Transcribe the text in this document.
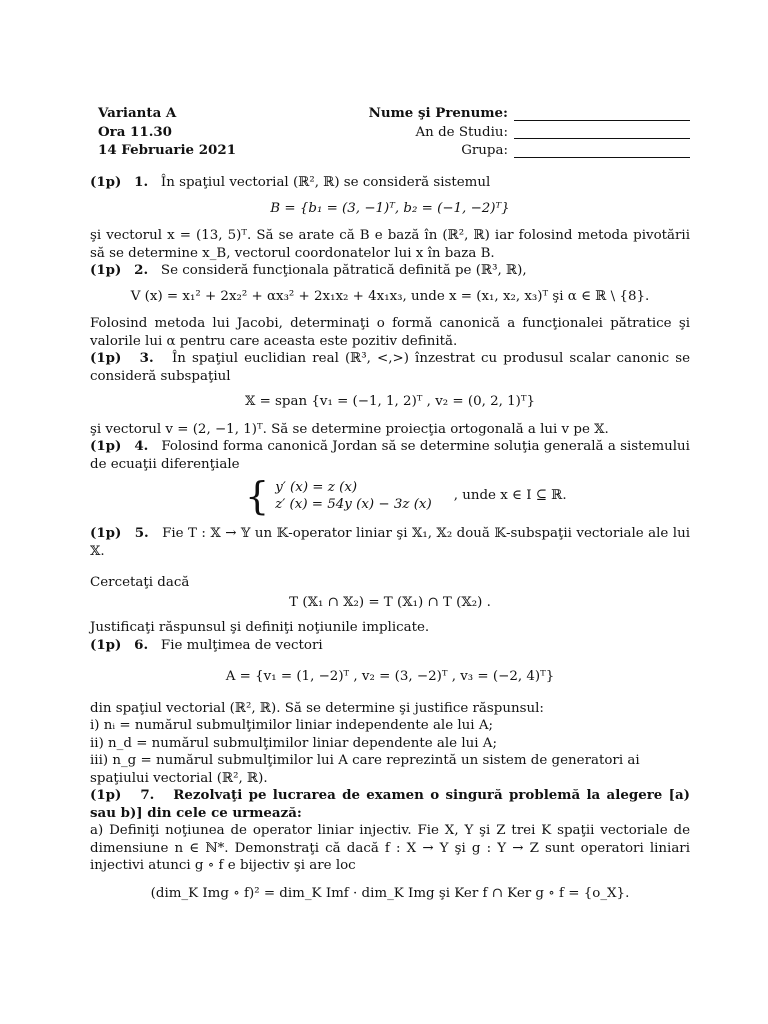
Varianta A
Ora 11.30
14 Februarie 2021
Nume şi Prenume:
An de Studiu:
Grupa:

(1p) 1. În spaţiul vectorial (ℝ², ℝ) se consideră sistemul

B = {b₁ = (3, −1)ᵀ, b₂ = (−1, −2)ᵀ}

şi vectorul x = (13, 5)ᵀ. Să se arate că B e bază în (ℝ², ℝ) iar folosind metoda pivotării să se determine x_B, vectorul coordonatelor lui x în baza B.

(1p) 2. Se consideră funcţionala pătratică definită pe (ℝ³, ℝ),

V (x) = x₁² + 2x₂² + αx₃² + 2x₁x₂ + 4x₁x₃, unde x = (x₁, x₂, x₃)ᵀ şi α ∈ ℝ \ {8}.

Folosind metoda lui Jacobi, determinaţi o formă canonică a funcţionalei pătratice şi valorile lui α pentru care aceasta este pozitiv definită.

(1p) 3. În spaţiul euclidian real (ℝ³, <,>) înzestrat cu produsul scalar canonic se consideră subspaţiul

𝕏 = span {v₁ = (−1, 1, 2)ᵀ , v₂ = (0, 2, 1)ᵀ}

şi vectorul v = (2, −1, 1)ᵀ. Să se determine proiecţia ortogonală a lui v pe 𝕏.

(1p) 4. Folosind forma canonică Jordan să se determine soluţia generală a sistemului de ecuaţii diferenţiale

{ y′ (x) = z (x)
z′ (x) = 54y (x) − 3z (x)
, unde x ∈ I ⊆ ℝ.

(1p) 5. Fie T : 𝕏 → 𝕐 un 𝕂-operator liniar şi 𝕏₁, 𝕏₂ două 𝕂-subspaţii vectoriale ale lui 𝕏.

Cercetaţi dacă

T (𝕏₁ ∩ 𝕏₂) = T (𝕏₁) ∩ T (𝕏₂) .

Justificaţi răspunsul şi definiţi noţiunile implicate.

(1p) 6. Fie mulţimea de vectori

A = {v₁ = (1, −2)ᵀ , v₂ = (3, −2)ᵀ , v₃ = (−2, 4)ᵀ}

din spaţiul vectorial (ℝ², ℝ). Să se determine şi justifice răspunsul:

i) nᵢ = numărul submulţimilor liniar independente ale lui A;
ii) n_d = numărul submulţimilor liniar dependente ale lui A;
iii) n_g = numărul submulţimilor lui A care reprezintă un sistem de generatori ai spaţiului vectorial (ℝ², ℝ).

(1p) 7. Rezolvaţi pe lucrarea de examen o singură problemă la alegere [a) sau b)] din cele ce urmează:

a) Definiţi noţiunea de operator liniar injectiv. Fie X, Y şi Z trei K spaţii vectoriale de dimensiune n ∈ ℕ*. Demonstraţi că dacă f : X → Y şi g : Y → Z sunt operatori liniari injectivi atunci g ∘ f e bijectiv şi are loc

(dim_K Img ∘ f)² = dim_K Imf · dim_K Img şi Ker f ∩ Ker g ∘ f = {o_X}.
